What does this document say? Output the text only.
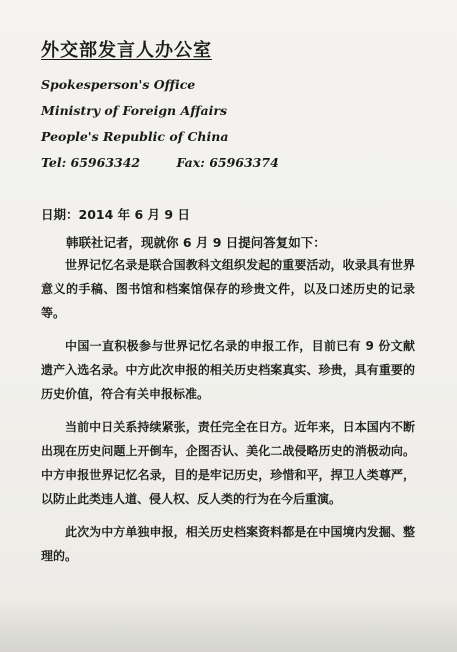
外交部发言人办公室
Spokesperson's Office
Ministry of Foreign Affairs
People's Republic of China
Tel: 65963342	Fax: 65963374
日期：2014 年 6 月 9 日
韩联社记者，现就你 6 月 9 日提问答复如下：

世界记忆名录是联合国教科文组织发起的重要活动，收录具有世界意义的手稿、图书馆和档案馆保存的珍贵文件，以及口述历史的记录等。

中国一直积极参与世界记忆名录的申报工作，目前已有 9 份文献遗产入选名录。中方此次申报的相关历史档案真实、珍贵，具有重要的历史价值，符合有关申报标准。

当前中日关系持续紧张，责任完全在日方。近年来，日本国内不断出现在历史问题上开倒车，企图否认、美化二战侵略历史的消极动向。中方申报世界记忆名录，目的是牢记历史，珍惜和平，捍卫人类尊严，以防止此类违人道、侵人权、反人类的行为在今后重演。

此次为中方单独申报，相关历史档案资料都是在中国境内发掘、整理的。
